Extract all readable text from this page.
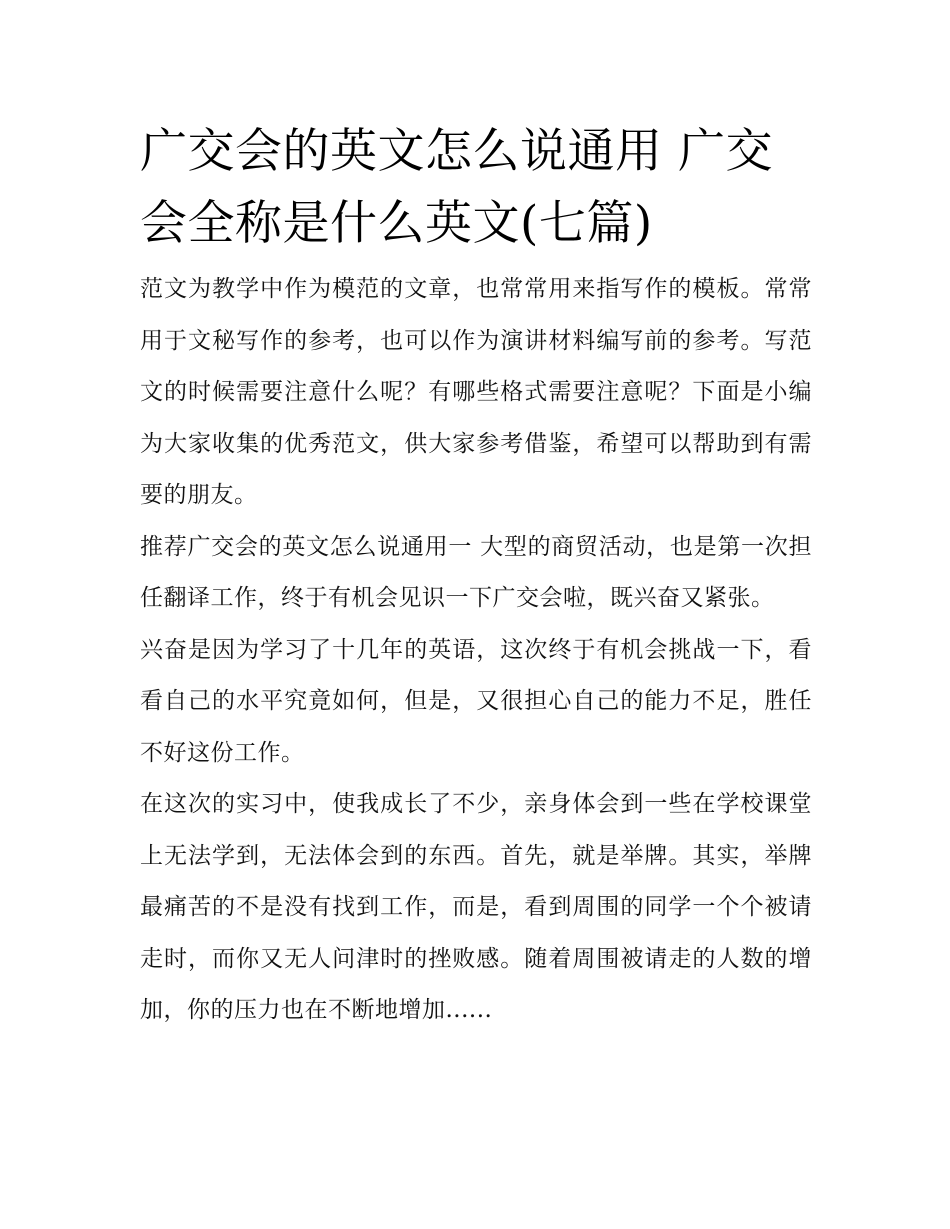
广交会的英文怎么说通用 广交会全称是什么英文(七篇)

范文为教学中作为模范的文章，也常常用来指写作的模板。常常用于文秘写作的参考，也可以作为演讲材料编写前的参考。写范文的时候需要注意什么呢？有哪些格式需要注意呢？下面是小编为大家收集的优秀范文，供大家参考借鉴，希望可以帮助到有需要的朋友。

推荐广交会的英文怎么说通用一 大型的商贸活动，也是第一次担任翻译工作，终于有机会见识一下广交会啦，既兴奋又紧张。

兴奋是因为学习了十几年的英语，这次终于有机会挑战一下，看看自己的水平究竟如何，但是，又很担心自己的能力不足，胜任不好这份工作。

在这次的实习中，使我成长了不少，亲身体会到一些在学校课堂上无法学到，无法体会到的东西。首先，就是举牌。其实，举牌最痛苦的不是没有找到工作，而是，看到周围的同学一个个被请走时，而你又无人问津时的挫败感。随着周围被请走的人数的增加，你的压力也在不断地增加......
